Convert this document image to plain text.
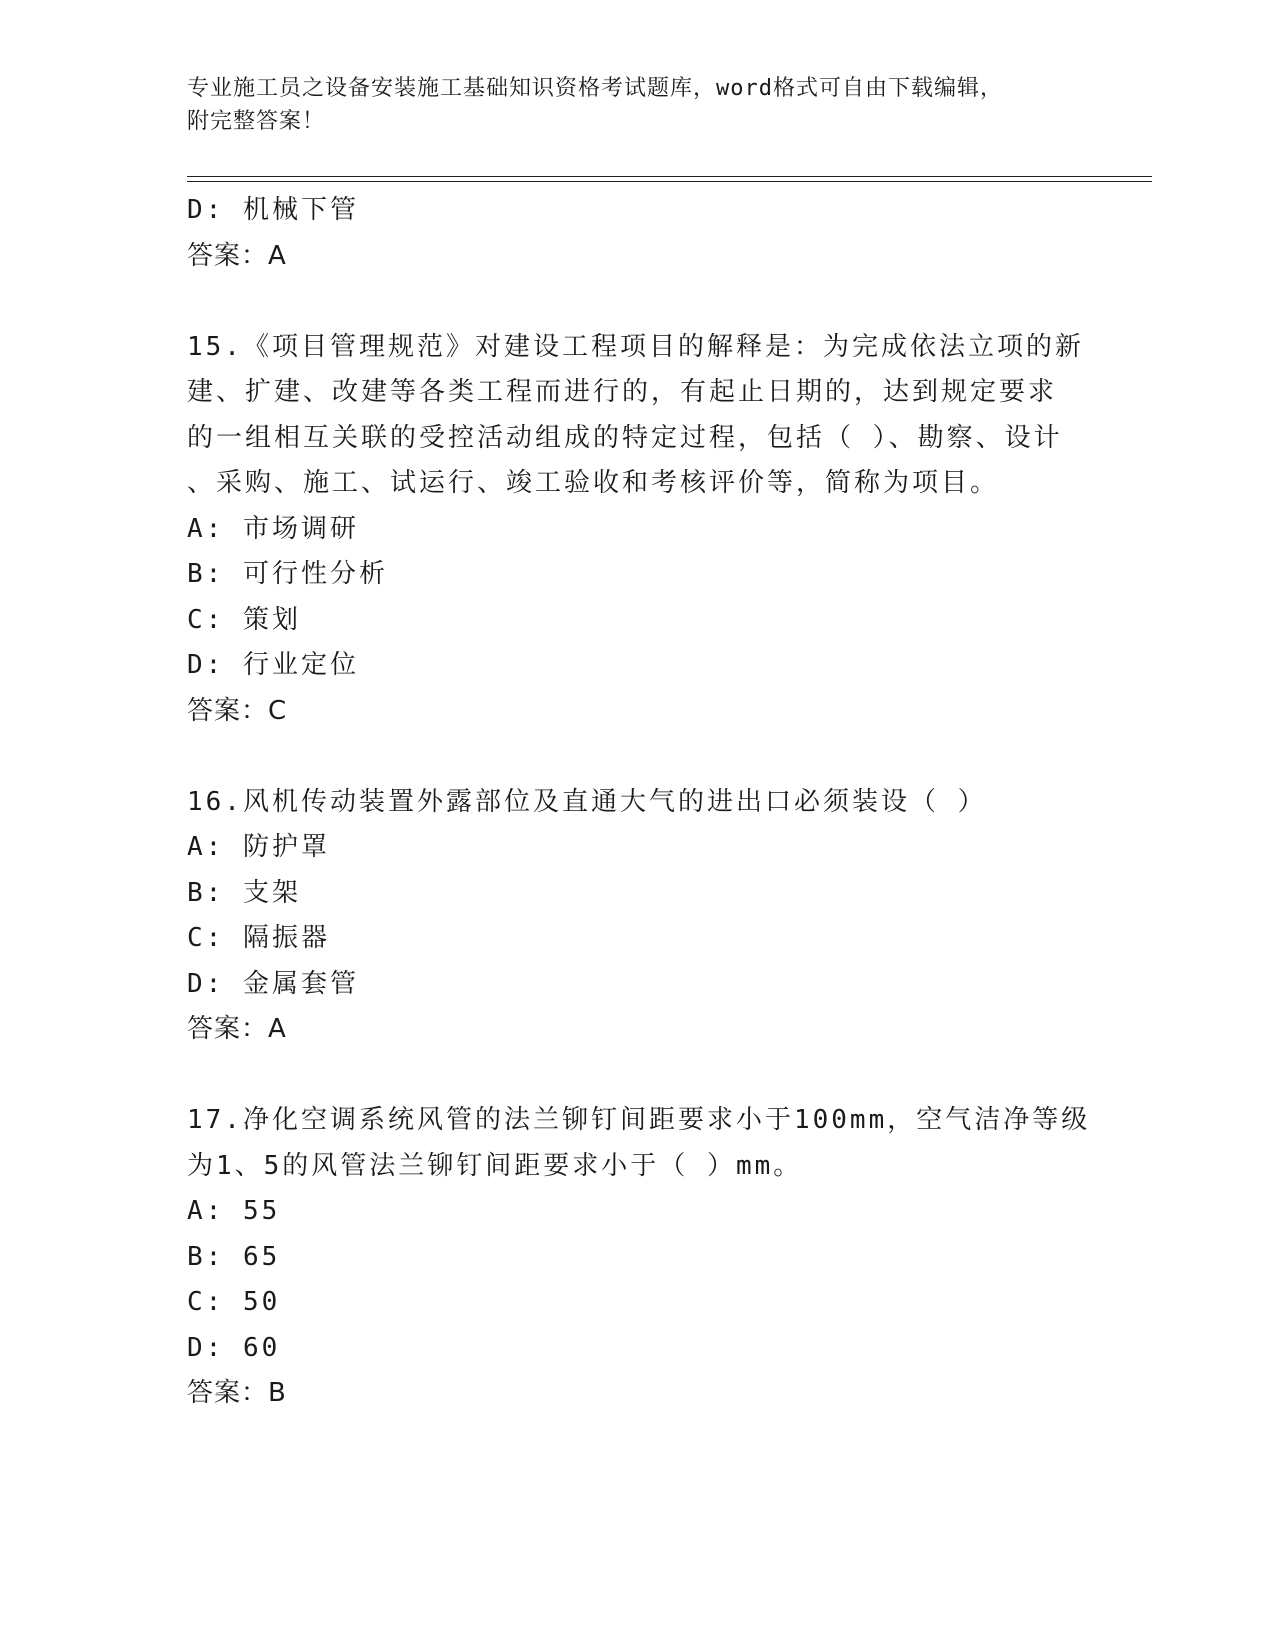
专业施工员之设备安装施工基础知识资格考试题库，word格式可自由下载编辑，
附完整答案！
D: 机械下管
答案：A
15.《项目管理规范》对建设工程项目的解释是：为完成依法立项的新
建、扩建、改建等各类工程而进行的，有起止日期的，达到规定要求
的一组相互关联的受控活动组成的特定过程，包括（ ）、勘察、设计
、采购、施工、试运行、竣工验收和考核评价等，简称为项目。
A: 市场调研
B: 可行性分析
C: 策划
D: 行业定位
答案：C
16.风机传动装置外露部位及直通大气的进出口必须装设（ ）
A: 防护罩
B: 支架
C: 隔振器
D: 金属套管
答案：A
17.净化空调系统风管的法兰铆钉间距要求小于100mm，空气洁净等级
为1、5的风管法兰铆钉间距要求小于（ ）mm。
A: 55
B: 65
C: 50
D: 60
答案：B
